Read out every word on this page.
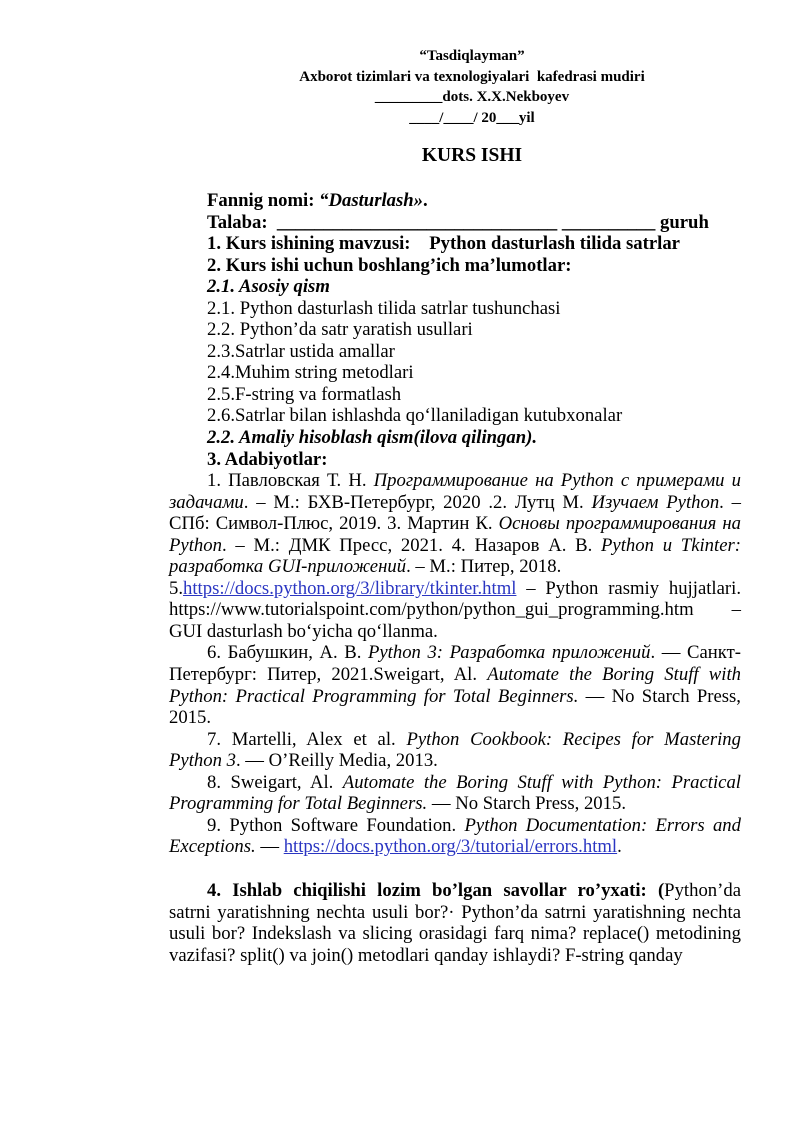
“Tasdiqlayman”
Axborot tizimlari va texnologiyalari  kafedrasi mudiri
_________dots. X.X.Nekboyev
____/____/ 20___yil
KURS ISHI

Fannig nomi: “Dasturlash».

Talaba:  ______________________________ __________ guruh

1. Kurs ishining mavzusi:    Python dasturlash tilida satrlar

2. Kurs ishi uchun boshlang’ich ma’lumotlar:

2.1. Asosiy qism

2.1. Python dasturlash tilida satrlar tushunchasi

2.2. Python’da satr yaratish usullari

2.3.Satrlar ustida amallar

2.4.Muhim string metodlari

2.5.F-string va formatlash

2.6.Satrlar bilan ishlashda qo‘llaniladigan kutubxonalar

2.2. Amaliy hisoblash qism(ilova qilingan).

3. Adabiyotlar:

1. Павловская Т. Н. Программирование на Python с примерами и задачами. – М.: БХВ-Петербург, 2020 .2. Лутц М. Изучаем Python. – СПб: Символ-Плюс, 2019. 3. Мартин К. Основы программирования на Python. – М.: ДМК Пресс, 2021. 4. Назаров А. В. Python и Tkinter: разработка GUI-приложений. – М.: Питер, 2018.

5.https://docs.python.org/3/library/tkinter.html – Python rasmiy hujjatlari. https://www.tutorialspoint.com/python/python_gui_programming.htm – GUI dasturlash bo‘yicha qo‘llanma.

6. Бабушкин, А. В. Python 3: Разработка приложений. — Санкт-Петербург: Питер, 2021.Sweigart, Al. Automate the Boring Stuff with Python: Practical Programming for Total Beginners. — No Starch Press, 2015.

7. Martelli, Alex et al. Python Cookbook: Recipes for Mastering Python 3. — O’Reilly Media, 2013.

8. Sweigart, Al. Automate the Boring Stuff with Python: Practical Programming for Total Beginners. — No Starch Press, 2015.

9. Python Software Foundation. Python Documentation: Errors and Exceptions. — https://docs.python.org/3/tutorial/errors.html.

4. Ishlab chiqilishi lozim bo’lgan savollar ro’yxati: (Python’da satrni yaratishning nechta usuli bor?· Python’da satrni yaratishning nechta usuli bor? Indekslash va slicing orasidagi farq nima? replace() metodining vazifasi? split() va join() metodlari qanday ishlaydi? F-string qanday
